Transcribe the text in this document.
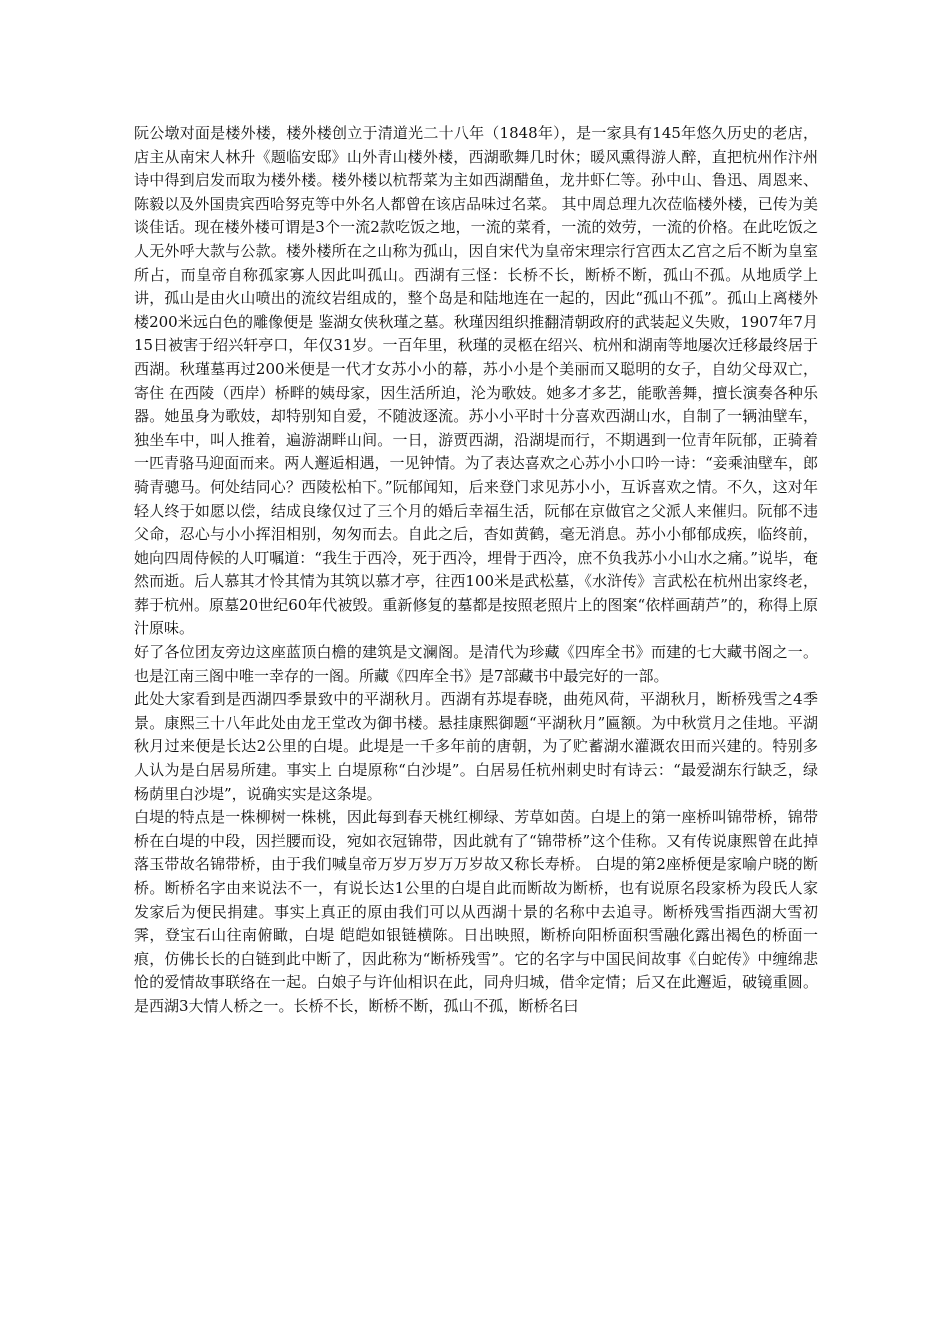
阮公墩对面是楼外楼，楼外楼创立于清道光二十八年（1848年），是一家具有145年悠久历史的老店，店主从南宋人林升《题临安邸》山外青山楼外楼，西湖歌舞几时休；暖风熏得游人醉，直把杭州作汴州诗中得到启发而取为楼外楼。楼外楼以杭帮菜为主如西湖醋鱼，龙井虾仁等。孙中山、鲁迅、周恩来、陈毅以及外国贵宾西哈努克等中外名人都曾在该店品味过名菜。 其中周总理九次莅临楼外楼，已传为美谈佳话。现在楼外楼可谓是3个一流2款吃饭之地，一流的菜肴，一流的效劳，一流的价格。在此吃饭之人无外呼大款与公款。楼外楼所在之山称为孤山，因自宋代为皇帝宋理宗行宫西太乙宫之后不断为皇室所占，而皇帝自称孤家寡人因此叫孤山。西湖有三怪：长桥不长，断桥不断，孤山不孤。从地质学上讲，孤山是由火山喷出的流纹岩组成的，整个岛是和陆地连在一起的，因此“孤山不孤”。孤山上离楼外楼200米远白色的雕像便是 鉴湖女侠秋瑾之墓。秋瑾因组织推翻清朝政府的武装起义失败，1907年7月15日被害于绍兴轩亭口，年仅31岁。一百年里，秋瑾的灵柩在绍兴、杭州和湖南等地屡次迁移最终居于西湖。秋瑾墓再过200米便是一代才女苏小小的幕，苏小小是个美丽而又聪明的女子，自幼父母双亡，寄住 在西陵（西岸）桥畔的姨母家，因生活所迫，沦为歌妓。她多才多艺，能歌善舞，擅长演奏各种乐器。她虽身为歌妓，却特别知自爱，不随波逐流。苏小小平时十分喜欢西湖山水，自制了一辆油壁车，独坐车中，叫人推着，遍游湖畔山间。一日，游贾西湖，沿湖堤而行，不期遇到一位青年阮郁，正骑着一匹青骆马迎面而来。两人邂逅相遇，一见钟情。为了表达喜欢之心苏小小口吟一诗：“妾乘油壁车，郎骑青骢马。何处结同心？西陵松柏下。”阮郁闻知，后来登门求见苏小小，互诉喜欢之情。不久，这对年轻人终于如愿以偿，结成良缘仅过了三个月的婚后幸福生活，阮郁在京做官之父派人来催归。阮郁不违父命，忍心与小小挥泪相别，匆匆而去。自此之后，杳如黄鹤，毫无消息。苏小小郁郁成疾，临终前，她向四周侍候的人叮嘱道：“我生于西冷，死于西冷，埋骨于西冷，庶不负我苏小小山水之痛。”说毕，奄然而逝。后人慕其才怜其情为其筑以慕才亭，往西100米是武松墓，《水浒传》言武松在杭州出家终老，葬于杭州。原墓20世纪60年代被毁。重新修复的墓都是按照老照片上的图案“依样画葫芦”的，称得上原汁原味。

好了各位团友旁边这座蓝顶白檐的建筑是文澜阁。是清代为珍藏《四库全书》而建的七大藏书阁之一。也是江南三阁中唯一幸存的一阁。所藏《四库全书》是7部藏书中最完好的一部。

此处大家看到是西湖四季景致中的平湖秋月。西湖有苏堤春晓，曲苑风荷，平湖秋月，断桥残雪之4季景。康熙三十八年此处由龙王堂改为御书楼。悬挂康熙御题“平湖秋月”匾额。为中秋赏月之佳地。平湖秋月过来便是长达2公里的白堤。此堤是一千多年前的唐朝，为了贮蓄湖水灌溉农田而兴建的。特别多人认为是白居易所建。事实上 白堤原称“白沙堤”。白居易任杭州刺史时有诗云：“最爱湖东行缺乏，绿杨荫里白沙堤”，说确实实是这条堤。

白堤的特点是一株柳树一株桃，因此每到春天桃红柳绿、芳草如茵。白堤上的第一座桥叫锦带桥，锦带桥在白堤的中段，因拦腰而设，宛如衣冠锦带，因此就有了“锦带桥”这个佳称。又有传说康熙曾在此掉落玉带故名锦带桥，由于我们喊皇帝万岁万岁万万岁故又称长寿桥。 白堤的第2座桥便是家喻户晓的断桥。断桥名字由来说法不一，有说长达1公里的白堤自此而断故为断桥，也有说原名段家桥为段氏人家发家后为便民捐建。事实上真正的原由我们可以从西湖十景的名称中去追寻。断桥残雪指西湖大雪初霁，登宝石山往南俯瞰，白堤 皑皑如银链横陈。日出映照，断桥向阳桥面积雪融化露出褐色的桥面一痕，仿佛长长的白链到此中断了，因此称为“断桥残雪”。它的名字与中国民间故事《白蛇传》中缠绵悲怆的爱情故事联络在一起。白娘子与许仙相识在此，同舟归城，借伞定情；后又在此邂逅，破镜重圆。是西湖3大情人桥之一。长桥不长，断桥不断，孤山不孤，断桥名曰
